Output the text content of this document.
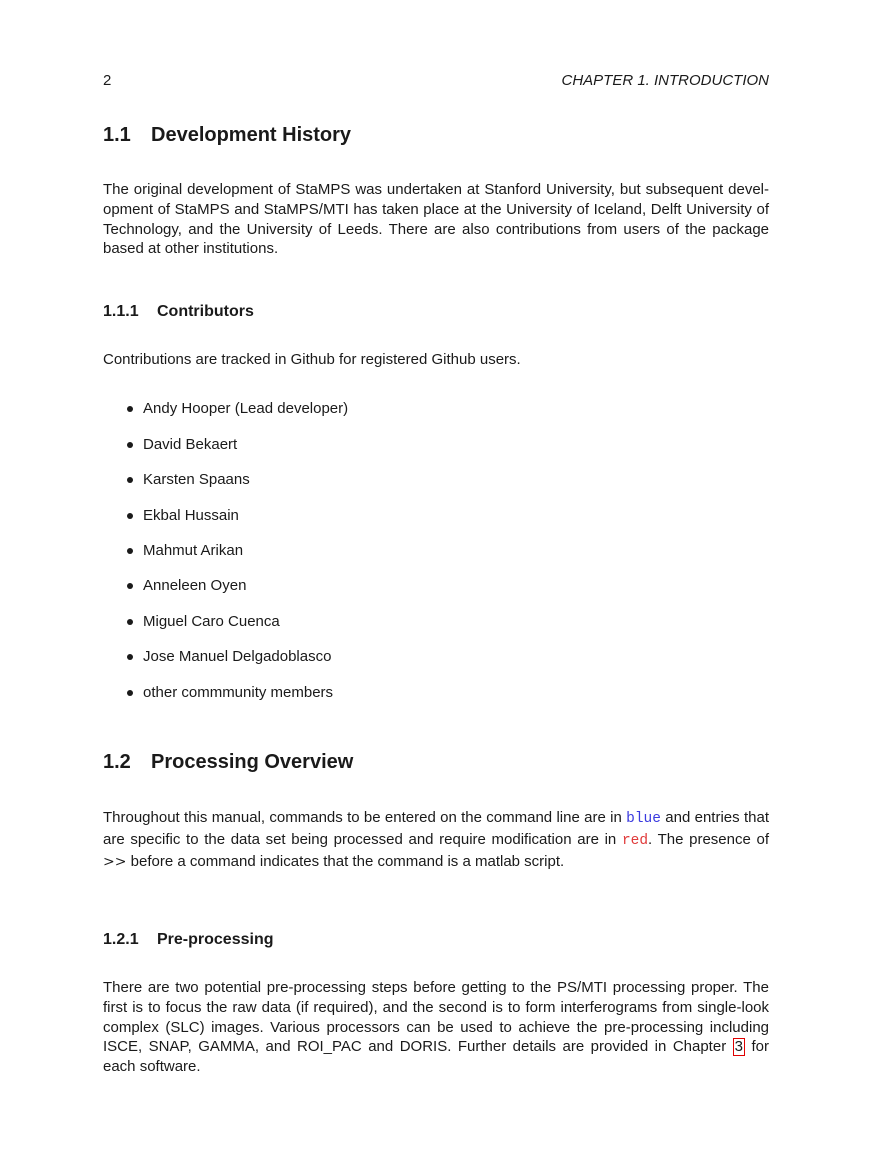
2	CHAPTER 1. INTRODUCTION
1.1 Development History

The original development of StaMPS was undertaken at Stanford University, but subsequent devel-opment of StaMPS and StaMPS/MTI has taken place at the University of Iceland, Delft University of Technology, and the University of Leeds. There are also contributions from users of the package based at other institutions.

1.1.1 Contributors

Contributions are tracked in Github for registered Github users.

Andy Hooper (Lead developer)
David Bekaert
Karsten Spaans
Ekbal Hussain
Mahmut Arikan
Anneleen Oyen
Miguel Caro Cuenca
Jose Manuel Delgadoblasco
other commmunity members
1.2 Processing Overview

Throughout this manual, commands to be entered on the command line are in blue and entries that are specific to the data set being processed and require modification are in red. The presence of >> before a command indicates that the command is a matlab script.

1.2.1 Pre-processing

There are two potential pre-processing steps before getting to the PS/MTI processing proper. The first is to focus the raw data (if required), and the second is to form interferograms from single-look complex (SLC) images. Various processors can be used to achieve the pre-processing including ISCE, SNAP, GAMMA, and ROI_PAC and DORIS. Further details are provided in Chapter 3 for each software.
